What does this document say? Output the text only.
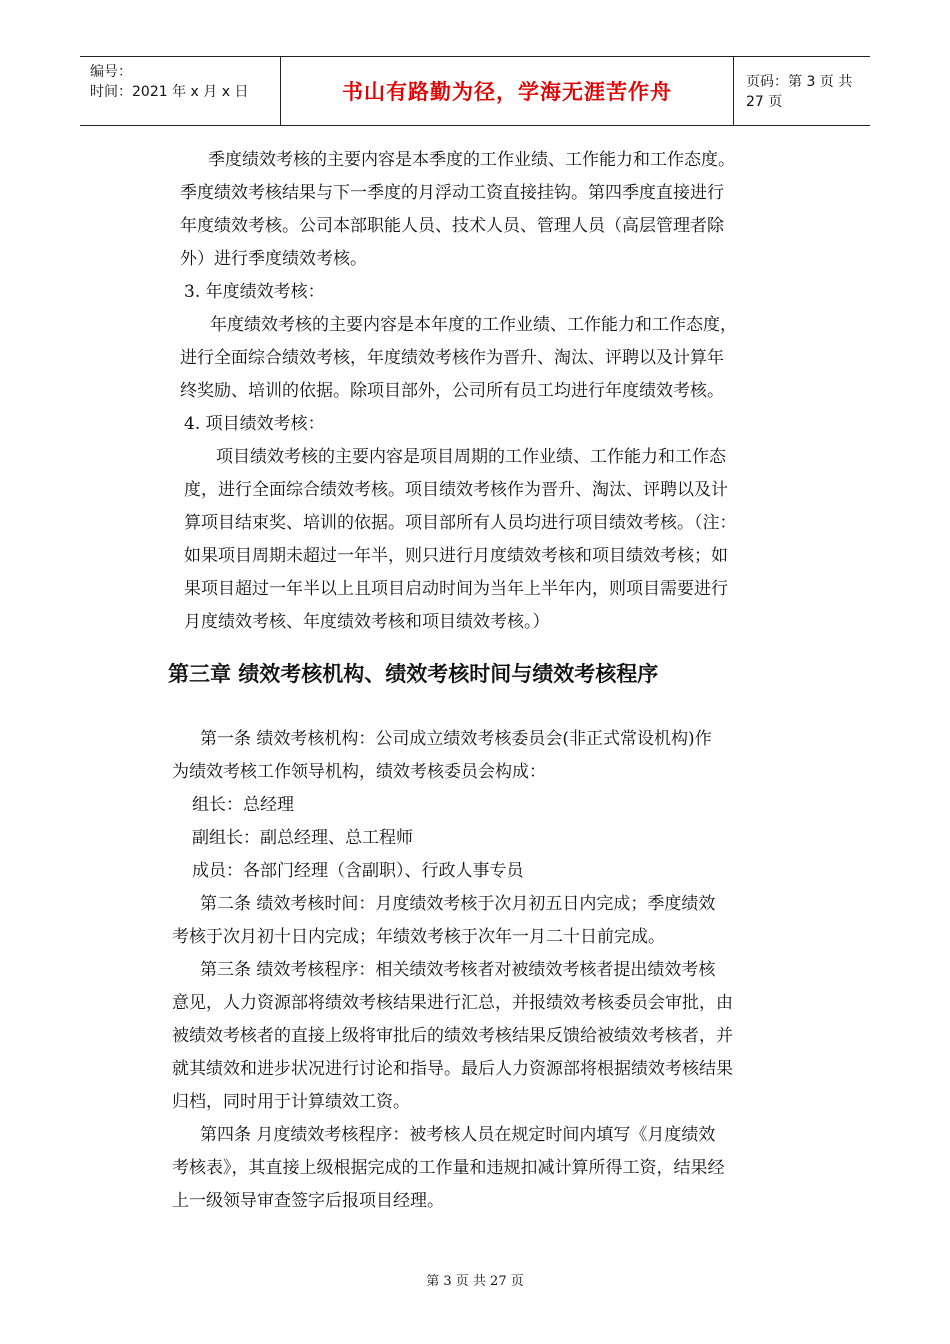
编号：
时间：2021 年 x 月 x 日	书山有路勤为径，学海无涯苦作舟	页码：第 3 页 共 27 页
季度绩效考核的主要内容是本季度的工作业绩、工作能力和工作态度。
季度绩效考核结果与下一季度的月浮动工资直接挂钩。第四季度直接进行
年度绩效考核。公司本部职能人员、技术人员、管理人员（高层管理者除
外）进行季度绩效考核。
3. 年度绩效考核：
年度绩效考核的主要内容是本年度的工作业绩、工作能力和工作态度，
进行全面综合绩效考核，年度绩效考核作为晋升、淘汰、评聘以及计算年
终奖励、培训的依据。除项目部外，公司所有员工均进行年度绩效考核。
4. 项目绩效考核：
项目绩效考核的主要内容是项目周期的工作业绩、工作能力和工作态
度，进行全面综合绩效考核。项目绩效考核作为晋升、淘汰、评聘以及计
算项目结束奖、培训的依据。项目部所有人员均进行项目绩效考核。（注：
如果项目周期未超过一年半，则只进行月度绩效考核和项目绩效考核；如
果项目超过一年半以上且项目启动时间为当年上半年内，则项目需要进行
月度绩效考核、年度绩效考核和项目绩效考核。）
第三章 绩效考核机构、绩效考核时间与绩效考核程序
第一条 绩效考核机构：公司成立绩效考核委员会(非正式常设机构)作
为绩效考核工作领导机构，绩效考核委员会构成：
组长：总经理
副组长：副总经理、总工程师
成员：各部门经理（含副职）、行政人事专员
第二条 绩效考核时间：月度绩效考核于次月初五日内完成；季度绩效
考核于次月初十日内完成；年绩效考核于次年一月二十日前完成。
第三条 绩效考核程序：相关绩效考核者对被绩效考核者提出绩效考核
意见，人力资源部将绩效考核结果进行汇总，并报绩效考核委员会审批，由
被绩效考核者的直接上级将审批后的绩效考核结果反馈给被绩效考核者，并
就其绩效和进步状况进行讨论和指导。最后人力资源部将根据绩效考核结果
归档，同时用于计算绩效工资。
第四条 月度绩效考核程序：被考核人员在规定时间内填写《月度绩效
考核表》，其直接上级根据完成的工作量和违规扣减计算所得工资，结果经
上一级领导审查签字后报项目经理。
第 3 页 共 27 页
